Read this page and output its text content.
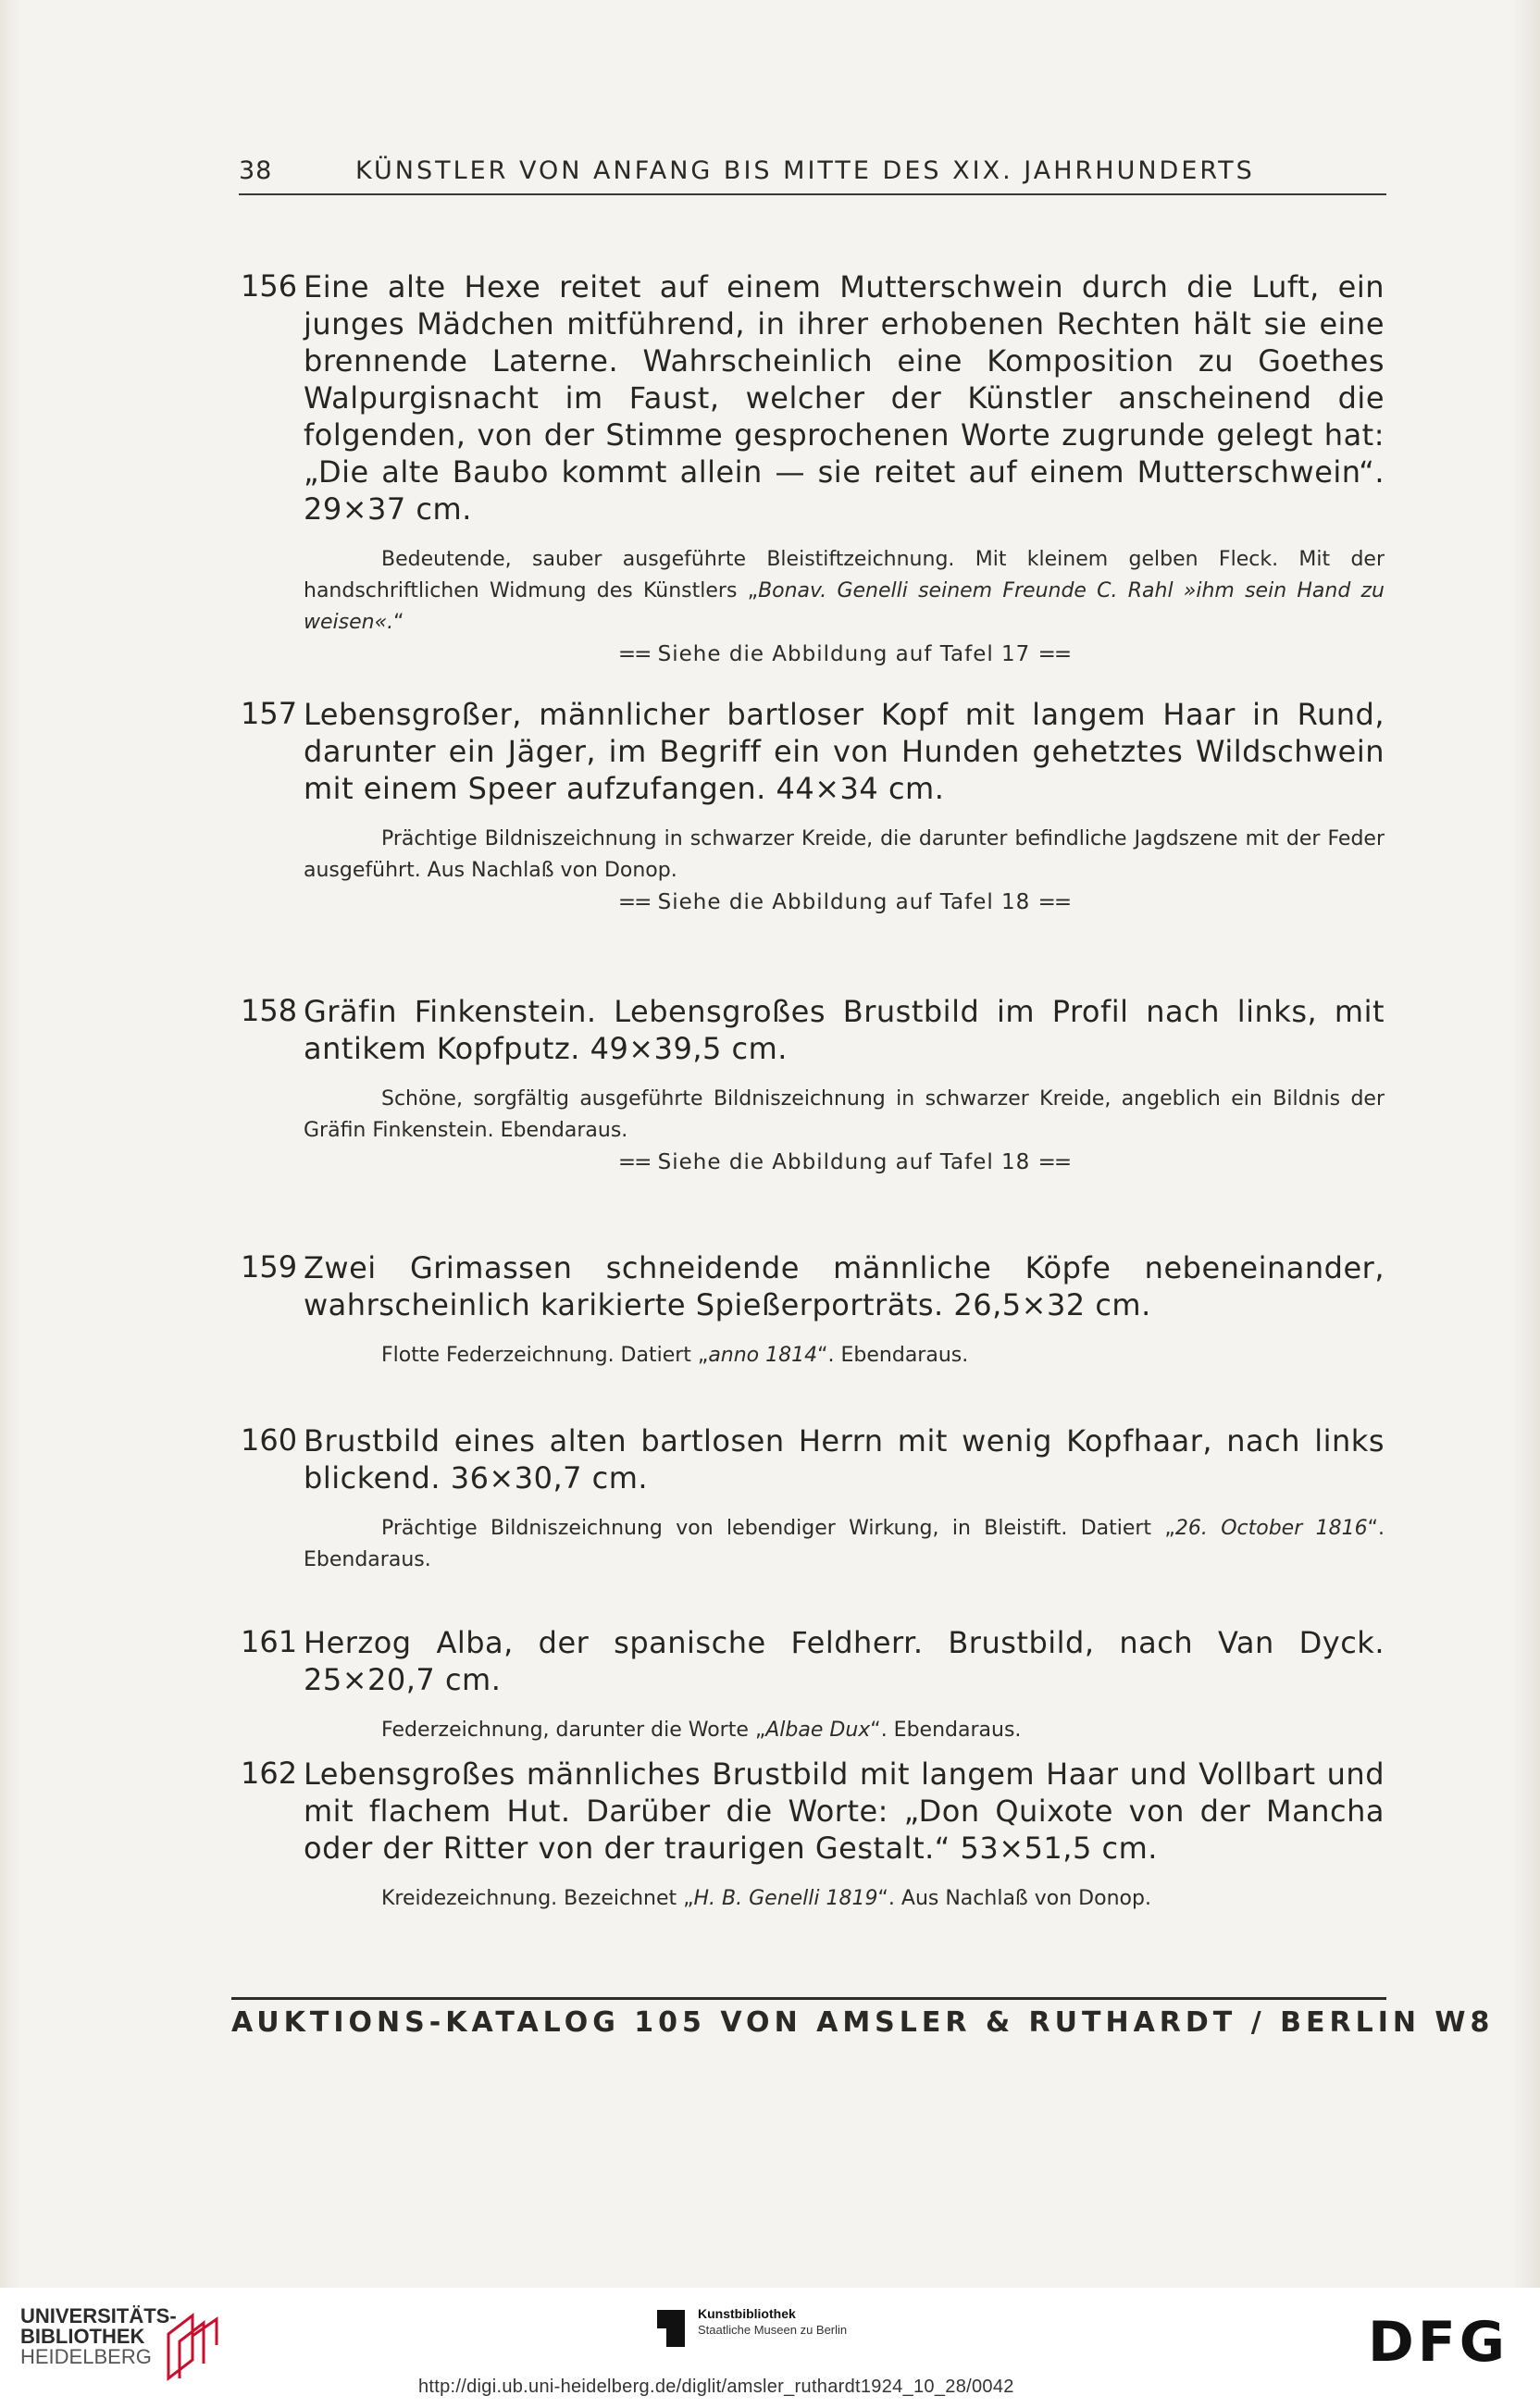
38	KÜNSTLER VON ANFANG BIS MITTE DES XIX. JAHRHUNDERTS
156 Eine alte Hexe reitet auf einem Mutterschwein durch die Luft, ein junges Mädchen mitführend, in ihrer erhobenen Rechten hält sie eine brennende Laterne. Wahrscheinlich eine Komposition zu Goethes Walpurgisnacht im Faust, welcher der Künstler anscheinend die folgenden, von der Stimme gesprochenen Worte zugrunde gelegt hat: „Die alte Baubo kommt allein — sie reitet auf einem Mutterschwein“. 29×37 cm.
Bedeutende, sauber ausgeführte Bleistiftzeichnung. Mit kleinem gelben Fleck. Mit der handschriftlichen Widmung des Künstlers „Bonav. Genelli seinem Freunde C. Rahl »ihm sein Hand zu weisen«.“
== Siehe die Abbildung auf Tafel 17 ==
157 Lebensgroßer, männlicher bartloser Kopf mit langem Haar in Rund, darunter ein Jäger, im Begriff ein von Hunden gehetztes Wildschwein mit einem Speer aufzufangen. 44×34 cm.
Prächtige Bildniszeichnung in schwarzer Kreide, die darunter befindliche Jagdszene mit der Feder ausgeführt. Aus Nachlaß von Donop.
== Siehe die Abbildung auf Tafel 18 ==
158 Gräfin Finkenstein. Lebensgroßes Brustbild im Profil nach links, mit antikem Kopfputz. 49×39,5 cm.
Schöne, sorgfältig ausgeführte Bildniszeichnung in schwarzer Kreide, angeblich ein Bildnis der Gräfin Finkenstein. Ebendaraus.
== Siehe die Abbildung auf Tafel 18 ==
159 Zwei Grimassen schneidende männliche Köpfe nebeneinander, wahrscheinlich karikierte Spießerporträts. 26,5×32 cm.
Flotte Federzeichnung. Datiert „anno 1814“. Ebendaraus.
160 Brustbild eines alten bartlosen Herrn mit wenig Kopfhaar, nach links blickend. 36×30,7 cm.
Prächtige Bildniszeichnung von lebendiger Wirkung, in Bleistift. Datiert „26. October 1816“. Ebendaraus.
161 Herzog Alba, der spanische Feldherr. Brustbild, nach Van Dyck. 25×20,7 cm.
Federzeichnung, darunter die Worte „Albae Dux“. Ebendaraus.
162 Lebensgroßes männliches Brustbild mit langem Haar und Vollbart und mit flachem Hut. Darüber die Worte: „Don Quixote von der Mancha oder der Ritter von der traurigen Gestalt.“ 53×51,5 cm.
Kreidezeichnung. Bezeichnet „H. B. Genelli 1819“. Aus Nachlaß von Donop.
AUKTIONS-KATALOG 105 VON AMSLER & RUTHARDT / BERLIN W8
UNIVERSITÄTS-
BIBLIOTHEK
HEIDELBERG
Kunstbibliothek
Staatliche Museen zu Berlin	DFG
http://digi.ub.uni-heidelberg.de/diglit/amsler_ruthardt1924_10_28/0042
